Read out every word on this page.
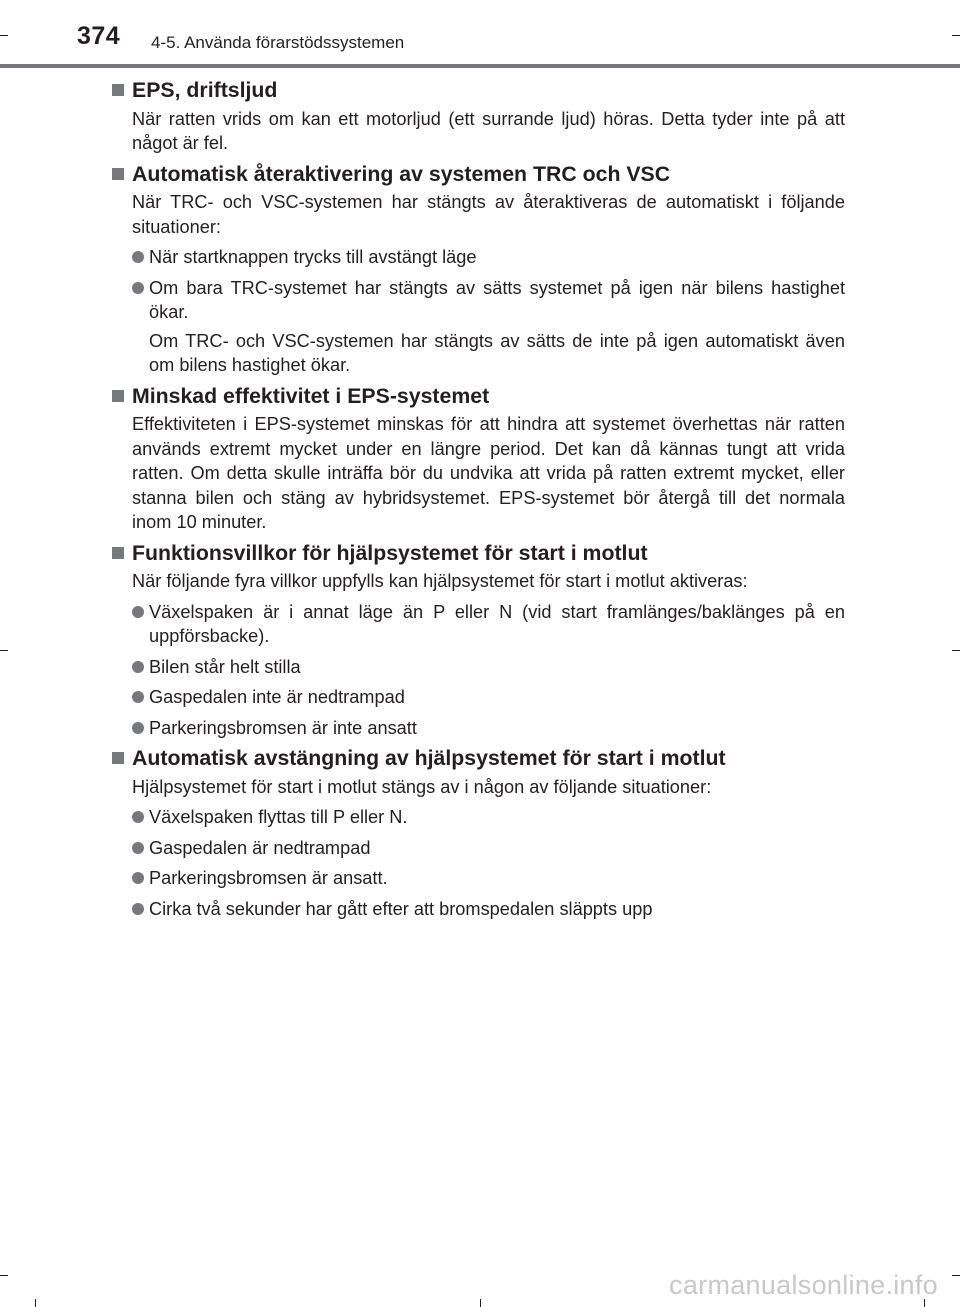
374 4-5. Använda förarstödssystemen
EPS, driftsljud

När ratten vrids om kan ett motorljud (ett surrande ljud) höras. Detta tyder inte på att något är fel.

Automatisk återaktivering av systemen TRC och VSC

När TRC- och VSC-systemen har stängts av återaktiveras de automatiskt i följande situationer:

När startknappen trycks till avstängt läge
Om bara TRC-systemet har stängts av sätts systemet på igen när bilens hastighet ökar.
Om TRC- och VSC-systemen har stängts av sätts de inte på igen automatiskt även om bilens hastighet ökar.
Minskad effektivitet i EPS-systemet

Effektiviteten i EPS-systemet minskas för att hindra att systemet överhettas när ratten används extremt mycket under en längre period. Det kan då kännas tungt att vrida ratten. Om detta skulle inträffa bör du undvika att vrida på ratten extremt mycket, eller stanna bilen och stäng av hybridsystemet. EPS-systemet bör återgå till det normala inom 10 minuter.

Funktionsvillkor för hjälpsystemet för start i motlut

När följande fyra villkor uppfylls kan hjälpsystemet för start i motlut aktiveras:

Växelspaken är i annat läge än P eller N (vid start framlänges/baklänges på en uppförsbacke).
Bilen står helt stilla
Gaspedalen inte är nedtrampad
Parkeringsbromsen är inte ansatt
Automatisk avstängning av hjälpsystemet för start i motlut

Hjälpsystemet för start i motlut stängs av i någon av följande situationer:

Växelspaken flyttas till P eller N.
Gaspedalen är nedtrampad
Parkeringsbromsen är ansatt.
Cirka två sekunder har gått efter att bromspedalen släppts upp
carmanualsonline.info
